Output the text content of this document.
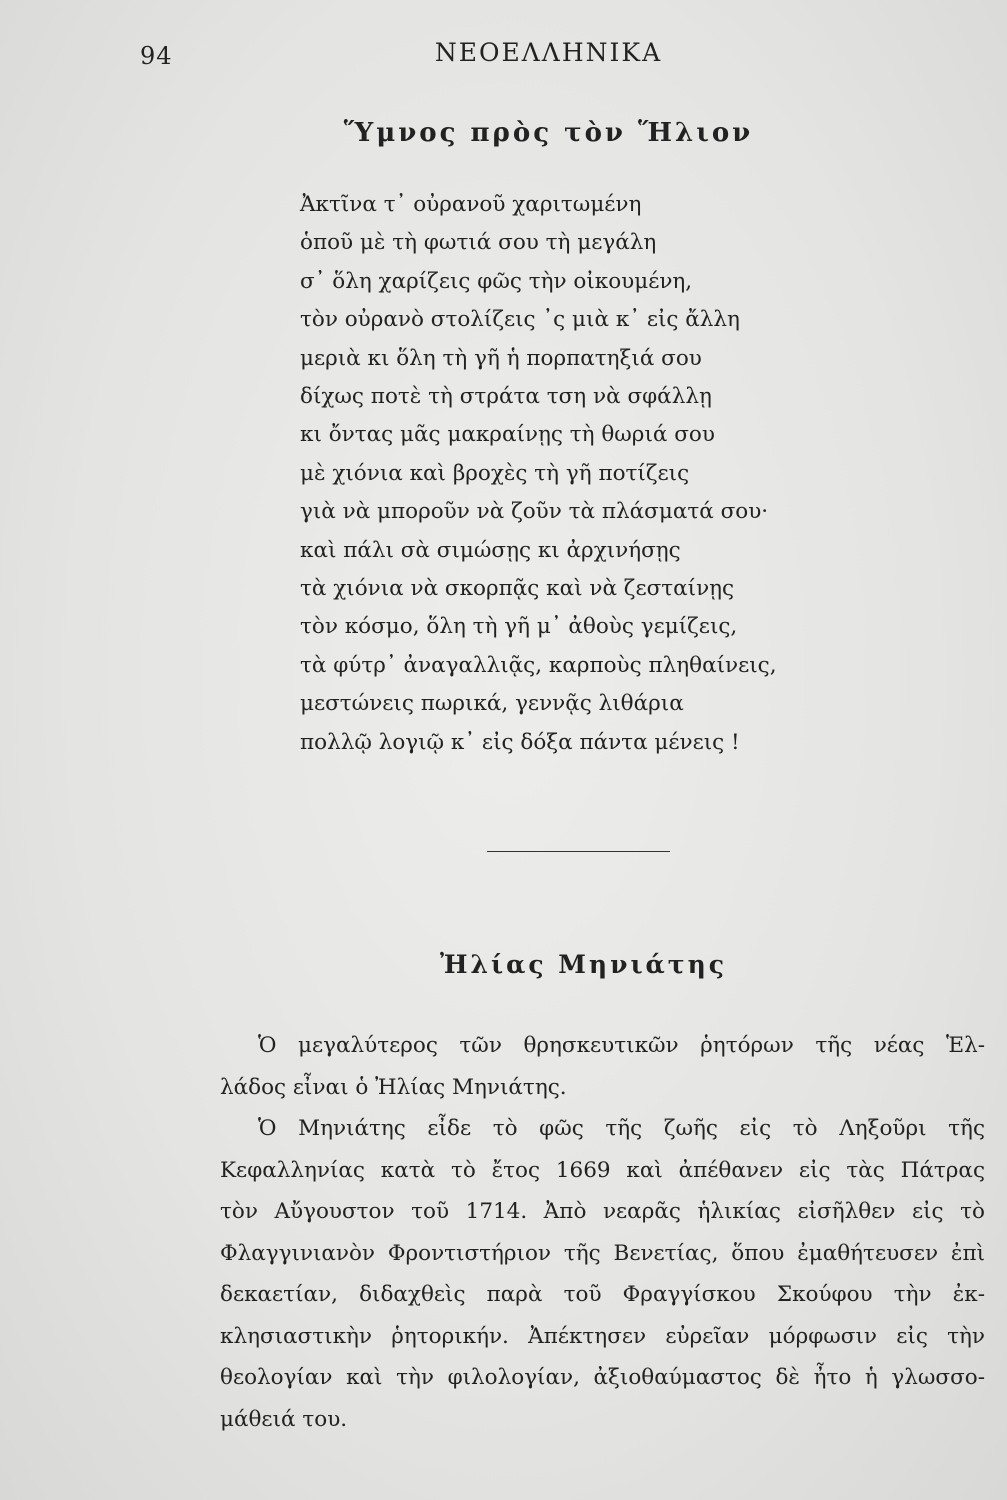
94	ΝΕΟΕΛΛΗΝΙΚΑ
Ὕμνος πρὸς τὸν Ἥλιον
Ἀκτῖνα τ᾽ οὐρανοῦ χαριτωμένη
ὁποῦ μὲ τὴ φωτιά σου τὴ μεγάλη
σ᾽ ὅλη χαρίζεις φῶς τὴν οἰκουμένη,
τὸν οὐρανὸ στολίζεις ᾽ς μιὰ κ᾽ εἰς ἄλλη
μεριὰ κι ὅλη τὴ γῆ ἡ πορπατηξιά σου
δίχως ποτὲ τὴ στράτα τση νὰ σφάλλῃ
κι ὄντας μᾶς μακραίνῃς τὴ θωριά σου
μὲ χιόνια καὶ βροχὲς τὴ γῆ ποτίζεις
γιὰ νὰ μποροῦν νὰ ζοῦν τὰ πλάσματά σου·
καὶ πάλι σὰ σιμώσῃς κι ἀρχινήσῃς
τὰ χιόνια νὰ σκορπᾷς καὶ νὰ ζεσταίνῃς
τὸν κόσμο, ὅλη τὴ γῆ μ᾽ ἀθοὺς γεμίζεις,
τὰ φύτρ᾽ ἀναγαλλιᾷς, καρποὺς πληθαίνεις,
μεστώνεις πωρικά, γεννᾷς λιθάρια
πολλῷ λογιῷ κ᾽ εἰς δόξα πάντα μένεις !
Ἠλίας Μηνιάτης

Ὁ μεγαλύτερος τῶν θρησκευτικῶν ῥητόρων τῆς νέας Ἑλ-
λάδος εἶναι ὁ Ἠλίας Μηνιάτης.

Ὁ Μηνιάτης εἶδε τὸ φῶς τῆς ζωῆς εἰς τὸ Ληξοῦρι τῆς
Κεφαλληνίας κατὰ τὸ ἔτος 1669 καὶ ἀπέθανεν εἰς τὰς Πάτρας
τὸν Αὔγουστον τοῦ 1714. Ἀπὸ νεαρᾶς ἡλικίας εἰσῆλθεν εἰς τὸ
Φλαγγινιανὸν Φροντιστήριον τῆς Βενετίας, ὅπου ἐμαθήτευσεν ἐπὶ
δεκαετίαν, διδαχθεὶς παρὰ τοῦ Φραγγίσκου Σκούφου τὴν ἐκ-
κλησιαστικὴν ῥητορικήν. Ἀπέκτησεν εὐρεῖαν μόρφωσιν εἰς τὴν
θεολογίαν καὶ τὴν φιλολογίαν, ἀξιοθαύμαστος δὲ ἦτο ἡ γλωσσο-
μάθειά του.
